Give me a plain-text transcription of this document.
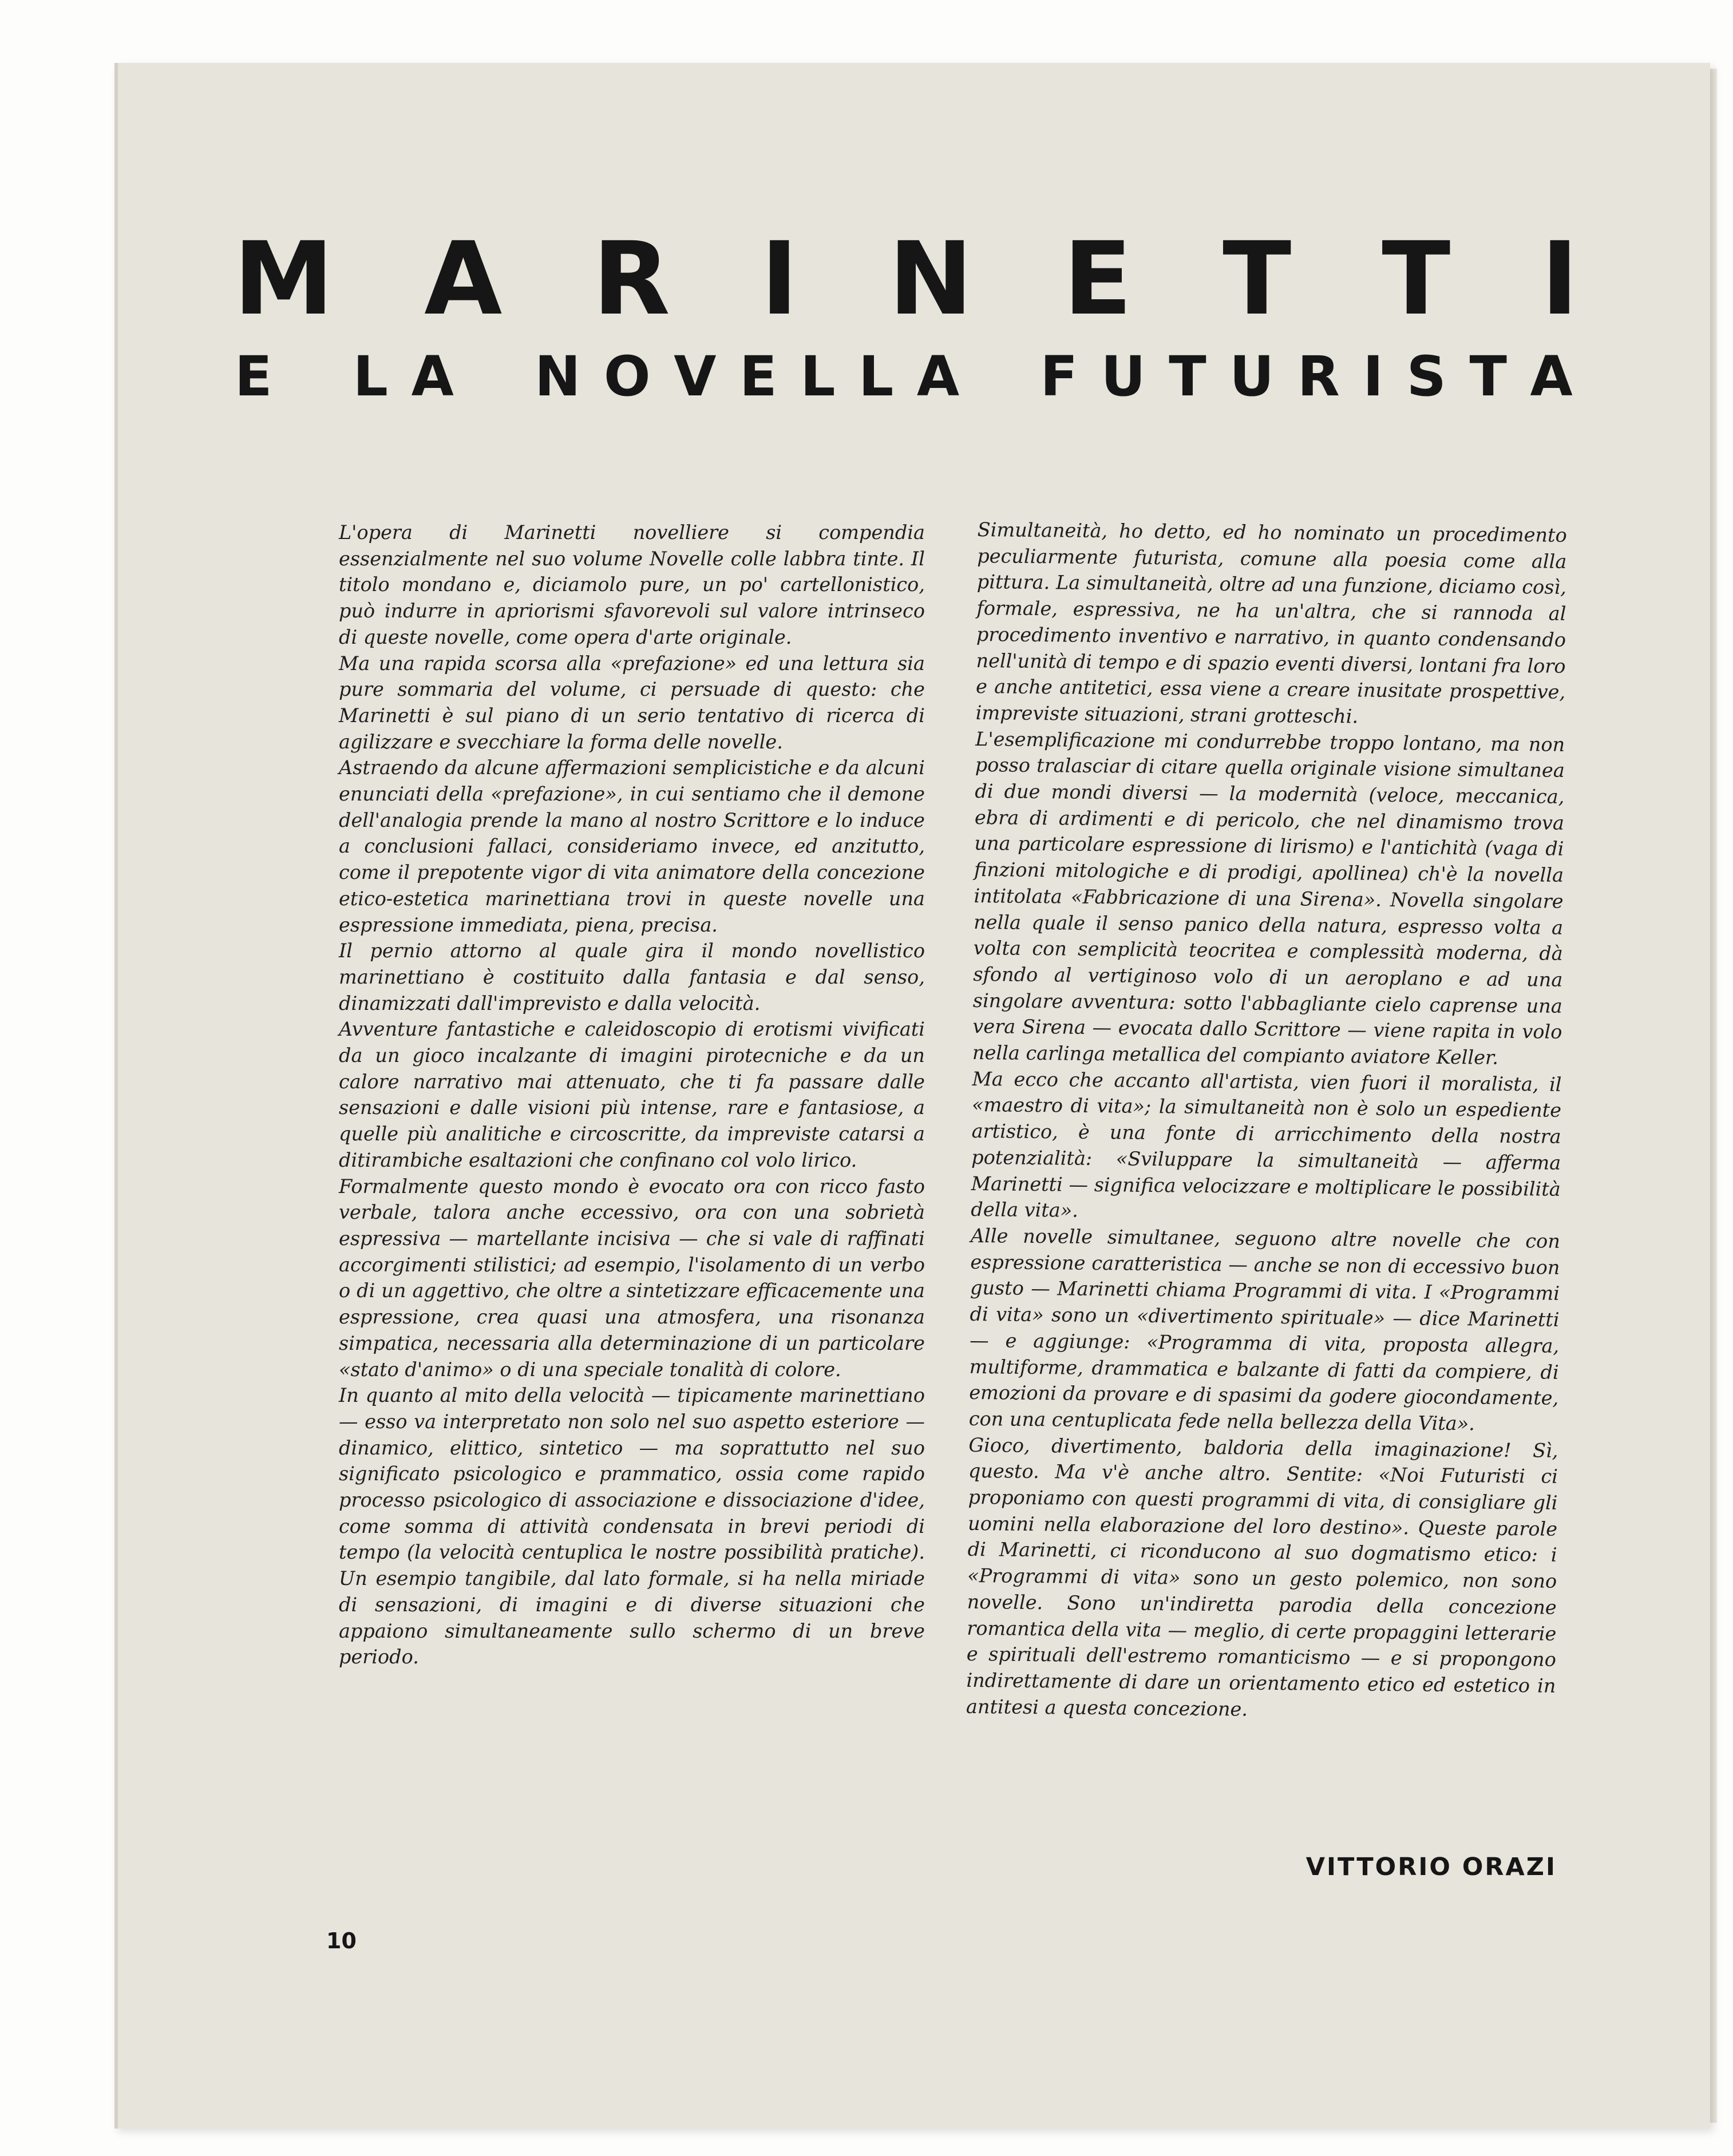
M A R I N E T T I
E L A N O V E L L A F U T U R I S T A

L'opera di Marinetti novelliere si compendia essenzialmente nel suo volume Novelle colle labbra tinte. Il titolo mondano e, diciamolo pure, un po' cartellonistico, può indurre in apriorismi sfavorevoli sul valore intrinseco di queste novelle, come opera d'arte originale.

Ma una rapida scorsa alla «prefazione» ed una lettura sia pure sommaria del volume, ci persuade di questo: che Marinetti è sul piano di un serio tentativo di ricerca di agilizzare e svecchiare la forma delle novelle.

Astraendo da alcune affermazioni semplicistiche e da alcuni enunciati della «prefazione», in cui sentiamo che il demone dell'analogia prende la mano al nostro Scrittore e lo induce a conclusioni fallaci, consideriamo invece, ed anzitutto, come il prepotente vigor di vita animatore della concezione etico-estetica marinettiana trovi in queste novelle una espressione immediata, piena, precisa.

Il pernio attorno al quale gira il mondo novellistico marinettiano è costituito dalla fantasia e dal senso, dinamizzati dall'imprevisto e dalla velocità.

Avventure fantastiche e caleidoscopio di erotismi vivificati da un gioco incalzante di imagini pirotecniche e da un calore narrativo mai attenuato, che ti fa passare dalle sensazioni e dalle visioni più intense, rare e fantasiose, a quelle più analitiche e circoscritte, da impreviste catarsi a ditirambiche esaltazioni che confinano col volo lirico.

Formalmente questo mondo è evocato ora con ricco fasto verbale, talora anche eccessivo, ora con una sobrietà espressiva — martellante incisiva — che si vale di raffinati accorgimenti stilistici; ad esempio, l'isolamento di un verbo o di un aggettivo, che oltre a sintetizzare efficacemente una espressione, crea quasi una atmosfera, una risonanza simpatica, necessaria alla determinazione di un particolare «stato d'animo» o di una speciale tonalità di colore.

In quanto al mito della velocità — tipicamente marinettiano — esso va interpretato non solo nel suo aspetto esteriore — dinamico, elittico, sintetico — ma soprattutto nel suo significato psicologico e prammatico, ossia come rapido processo psicologico di associazione e dissociazione d'idee, come somma di attività condensata in brevi periodi di tempo (la velocità centuplica le nostre possibilità pratiche). Un esempio tangibile, dal lato formale, si ha nella miriade di sensazioni, di imagini e di diverse situazioni che appaiono simultaneamente sullo schermo di un breve periodo.

Simultaneità, ho detto, ed ho nominato un procedimento peculiarmente futurista, comune alla poesia come alla pittura. La simultaneità, oltre ad una funzione, diciamo così, formale, espressiva, ne ha un'altra, che si rannoda al procedimento inventivo e narrativo, in quanto condensando nell'unità di tempo e di spazio eventi diversi, lontani fra loro e anche antitetici, essa viene a creare inusitate prospettive, impreviste situazioni, strani grotteschi.

L'esemplificazione mi condurrebbe troppo lontano, ma non posso tralasciar di citare quella originale visione simultanea di due mondi diversi — la modernità (veloce, meccanica, ebra di ardimenti e di pericolo, che nel dinamismo trova una particolare espressione di lirismo) e l'antichità (vaga di finzioni mitologiche e di prodigi, apollinea) ch'è la novella intitolata «Fabbricazione di una Sirena». Novella singolare nella quale il senso panico della natura, espresso volta a volta con semplicità teocritea e complessità moderna, dà sfondo al vertiginoso volo di un aeroplano e ad una singolare avventura: sotto l'abbagliante cielo caprense una vera Sirena — evocata dallo Scrittore — viene rapita in volo nella carlinga metallica del compianto aviatore Keller.

Ma ecco che accanto all'artista, vien fuori il moralista, il «maestro di vita»; la simultaneità non è solo un espediente artistico, è una fonte di arricchimento della nostra potenzialità: «Sviluppare la simultaneità — afferma Marinetti — significa velocizzare e moltiplicare le possibilità della vita».

Alle novelle simultanee, seguono altre novelle che con espressione caratteristica — anche se non di eccessivo buon gusto — Marinetti chiama Programmi di vita. I «Programmi di vita» sono un «divertimento spirituale» — dice Marinetti — e aggiunge: «Programma di vita, proposta allegra, multiforme, drammatica e balzante di fatti da compiere, di emozioni da provare e di spasimi da godere giocondamente, con una centuplicata fede nella bellezza della Vita».

Gioco, divertimento, baldoria della imaginazione! Sì, questo. Ma v'è anche altro. Sentite: «Noi Futuristi ci proponiamo con questi programmi di vita, di consigliare gli uomini nella elaborazione del loro destino». Queste parole di Marinetti, ci riconducono al suo dogmatismo etico: i «Programmi di vita» sono un gesto polemico, non sono novelle. Sono un'indiretta parodia della concezione romantica della vita — meglio, di certe propaggini letterarie e spirituali dell'estremo romanticismo — e si propongono indirettamente di dare un orientamento etico ed estetico in antitesi a questa concezione.

VITTORIO ORAZI
10
